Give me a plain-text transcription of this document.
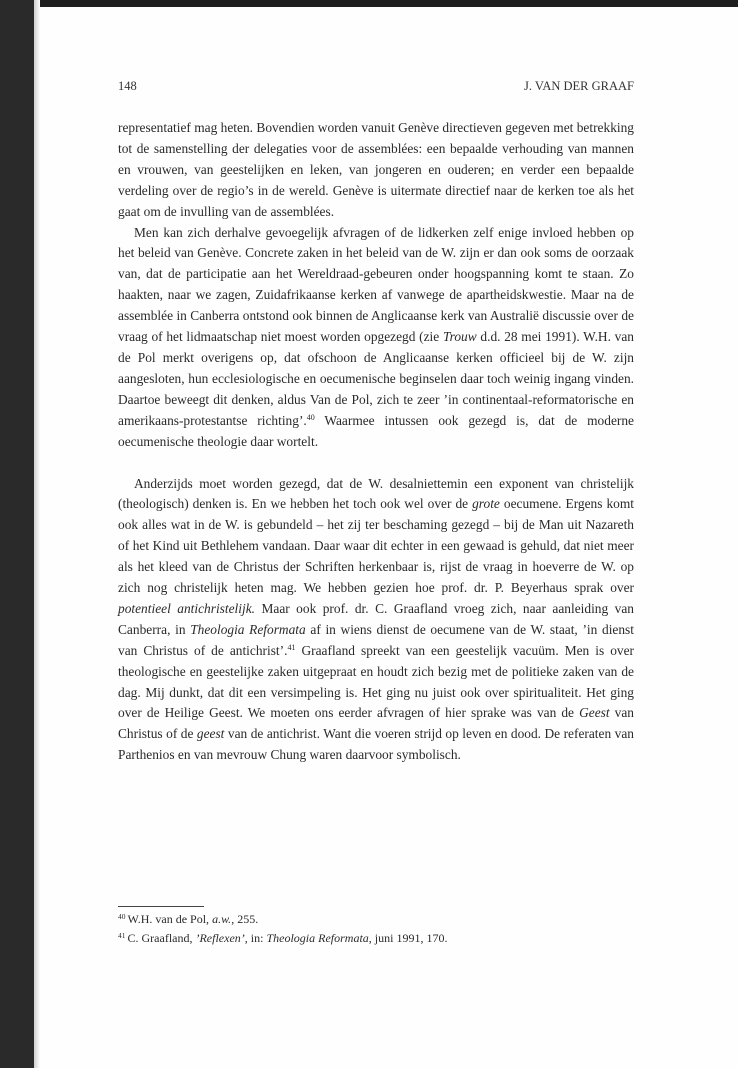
148	J. VAN DER GRAAF

representatief mag heten. Bovendien worden vanuit Genève directieven gegeven met betrekking tot de samenstelling der delegaties voor de assemblées: een bepaalde verhouding van mannen en vrouwen, van geestelijken en leken, van jongeren en ouderen; en verder een bepaalde verdeling over de regio’s in de wereld. Genève is uitermate directief naar de kerken toe als het gaat om de invulling van de assemblées.

Men kan zich derhalve gevoegelijk afvragen of de lidkerken zelf enige invloed hebben op het beleid van Genève. Concrete zaken in het beleid van de W. zijn er dan ook soms de oorzaak van, dat de participatie aan het Wereldraad-gebeuren onder hoogspanning komt te staan. Zo haakten, naar we zagen, Zuidafrikaanse kerken af vanwege de apartheidskwestie. Maar na de assemblée in Canberra ontstond ook binnen de Anglicaanse kerk van Australië discussie over de vraag of het lidmaatschap niet moest worden opgezegd (zie Trouw d.d. 28 mei 1991). W.H. van de Pol merkt overigens op, dat ofschoon de Anglicaanse kerken officieel bij de W. zijn aangesloten, hun ecclesiologische en oecumenische beginselen daar toch weinig ingang vinden. Daartoe beweegt dit denken, aldus Van de Pol, zich te zeer ’in continentaal-reformatorische en amerikaans-protestantse richting’.$^{40}$ Waarmee intussen ook gezegd is, dat de moderne oecumenische theologie daar wortelt.

Anderzijds moet worden gezegd, dat de W. desalniettemin een exponent van christelijk (theologisch) denken is. En we hebben het toch ook wel over de grote oecumene. Ergens komt ook alles wat in de W. is gebundeld – het zij ter beschaming gezegd – bij de Man uit Nazareth of het Kind uit Bethlehem vandaan. Daar waar dit echter in een gewaad is gehuld, dat niet meer als het kleed van de Christus der Schriften herkenbaar is, rijst de vraag in hoeverre de W. op zich nog christelijk heten mag. We hebben gezien hoe prof. dr. P. Beyerhaus sprak over potentieel antichristelijk. Maar ook prof. dr. C. Graafland vroeg zich, naar aanleiding van Canberra, in Theologia Reformata af in wiens dienst de oecumene van de W. staat, ’in dienst van Christus of de antichrist’.$^{41}$ Graafland spreekt van een geestelijk vacuüm. Men is over theologische en geestelijke zaken uitgepraat en houdt zich bezig met de politieke zaken van de dag. Mij dunkt, dat dit een versimpeling is. Het ging nu juist ook over spiritualiteit. Het ging over de Heilige Geest. We moeten ons eerder afvragen of hier sprake was van de Geest van Christus of de geest van de antichrist. Want die voeren strijd op leven en dood. De referaten van Parthenios en van mevrouw Chung waren daarvoor symbolisch.

$^{40}$ W.H. van de Pol, a.w., 255.
$^{41}$ C. Graafland, ’Reflexen’, in: Theologia Reformata, juni 1991, 170.
